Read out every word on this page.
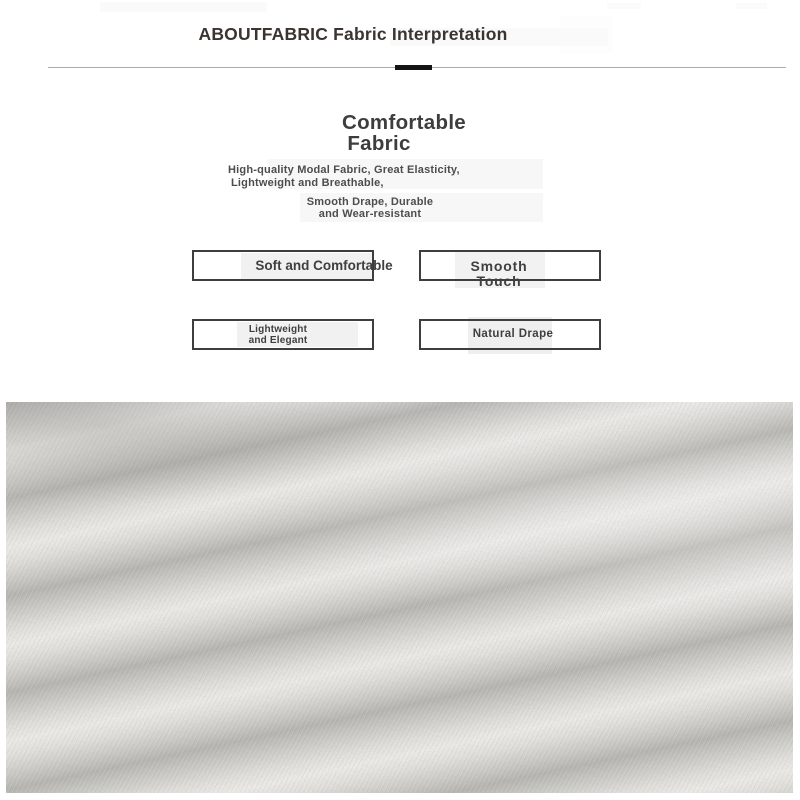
ABOUTFABRIC Fabric Interpretation
Comfortable
Fabric
High-quality Modal Fabric, Great Elasticity,
Lightweight and Breathable,
Smooth Drape, Durable
and Wear-resistant
Soft and Comfortable	Smooth
Touch
Lightweight
and Elegant
Natural Drape
